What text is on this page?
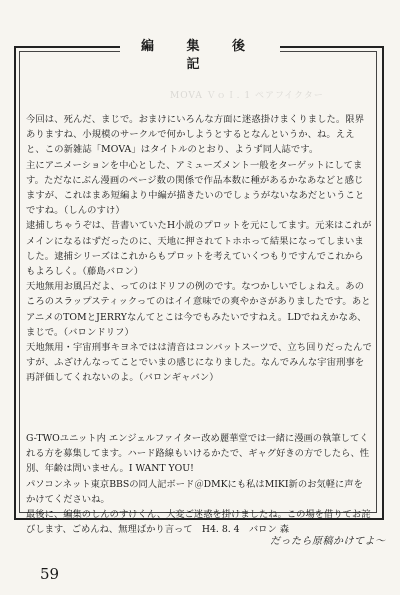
編 集 後 記
MOVA ＶｏＩ. 1 ぺアフイクター

今回は、死んだ、まじで。おまけにいろんな方面に迷惑掛けまくりました。限界ありますね、小規模のサークルで何かしようとするとなんというか、ね。ええと、この新雑誌「MOVA」はタイトルのとおり、ようず同人誌です。

主にアニメーションを中心とした、アミューズメント一般をターゲットにしてます。ただなにぶん漫画のページ数の関係で作品本数に種があるかなあなどと感じますが、これはまあ短編より中編が描きたいのでしょうがないなあだということですね。（しんのすけ）

逮捕しちゃうぞは、昔書いていたH小説のプロットを元にしてます。元来はこれがメインになるはずだったのに、天地に押されてトホホって結果になってしまいました。逮捕シリーズはこれからもプロットを考えていくつもりですんでこれからもよろしく。（藤島バロン）

天地無用お風呂だよ、ってのはドリフの例のです。なつかしいでしょねえ。あのころのスラップスティックってのはイイ意味での爽やかさがありましたです。あとアニメのTOMとJERRYなんてとこは今でもみたいですねえ。LDでねえかなあ、まじで。（バロンドリフ）

天地無用・宇宙刑事キヨネではは清音はコンバットスーツで、立ち回りだったんですが、ふざけんなってことでいまの感じになりました。なんでみんな宇宙刑事を再評価してくれないのよ。（バロンギャバン）

G-TWOユニット内 エンジェルファイター改め麗華堂では一緒に漫画の執筆してくれる方を募集してます。ハード路線もいけるかたで、ギャグ好きの方でしたら、性別、年齢は問いません。I WANT YOU!

パソコンネット東京BBSの同人記ボード＠DMKにも私はMIKI新のお気軽に声をかけてくださいね。

最後に、編集のしんのすけくん、大変ご迷惑を掛けましたね。この場を借りてお詫びします、ごめんね、無理ばかり言って　H4. 8. 4　バロン 森

だったら原稿かけてよ〜
59
